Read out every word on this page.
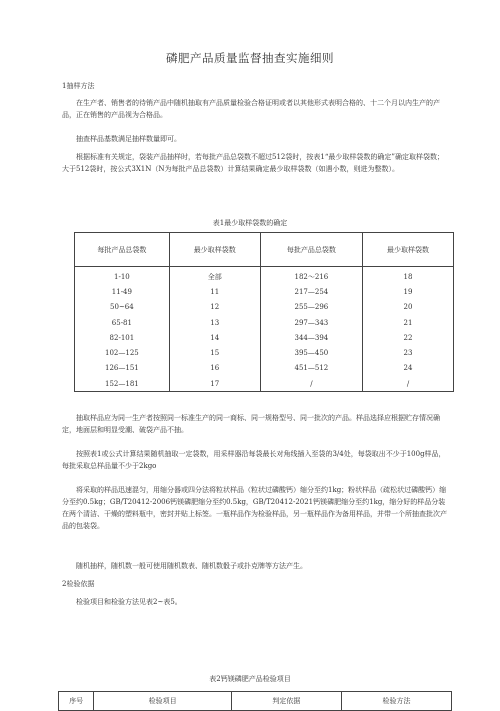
磷肥产品质量监督抽查实施细则
1抽样方法
在生产者、销售者的待销产品中随机抽取有产品质量检验合格证明或者以其他形式表明合格的、十二个月以内生产的产品，正在销售的产品视为合格品。
抽查样品基数满足抽样数量即可。
根据标准有关规定，袋装产品抽样时，若每批产品总袋数不超过512袋时，按表1“最少取样袋数的确定”确定取样袋数；大于512袋时，按公式3X1N（N为每批产品总袋数）计算结果确定最少取样袋数（如遇小数，则进为整数）。
表1最少取样袋数的确定
每批产品总袋数	最少取样袋数	每批产品总袋数	最少取样袋数
1-10	全部	182～216	18
11-49	11	217—254	19
50~64	12	255—296	20
65-81	13	297—343	21
82-101	14	344—394	22
102—125	15	395—450	23
126—151	16	451—512	24
152—181	17	/	/
抽取样品应为同一生产者按照同一标准生产的同一商标、同一规格型号、同一批次的产品。样品选择应根据贮存情况确定，地面层和明显受潮、破袋产品不抽。
按照表1或公式计算结果随机抽取一定袋数，用采样器沿每袋最长对角线插入至袋的3/4处，每袋取出不少于100g样品，每批采取总样品量不少于2kgo
将采取的样品迅速混匀，用缩分器或四分法将粒状样品（粒状过磷酸钙）缩分至约1kg；粉状样品（疏松状过磷酸钙）缩分至约0.5kg；GB/T20412-2006钙镁磷肥缩分至约0.5kg，GB/T20412-2021钙镁磷肥缩分至约1kg，缩分好的样品分装在两个清洁、干燥的塑料瓶中，密封并贴上标签。一瓶样品作为检验样品，另一瓶样品作为备用样品，并带一个所抽查批次产品的包装袋。
随机抽样，随机数一般可使用随机数表、随机数骰子或扑克牌等方法产生。
2检验依据
检验项目和检验方法见表2~表5。
表2钙镁磷肥产品检验项目
序号	检验项目	判定依据	检验方法
